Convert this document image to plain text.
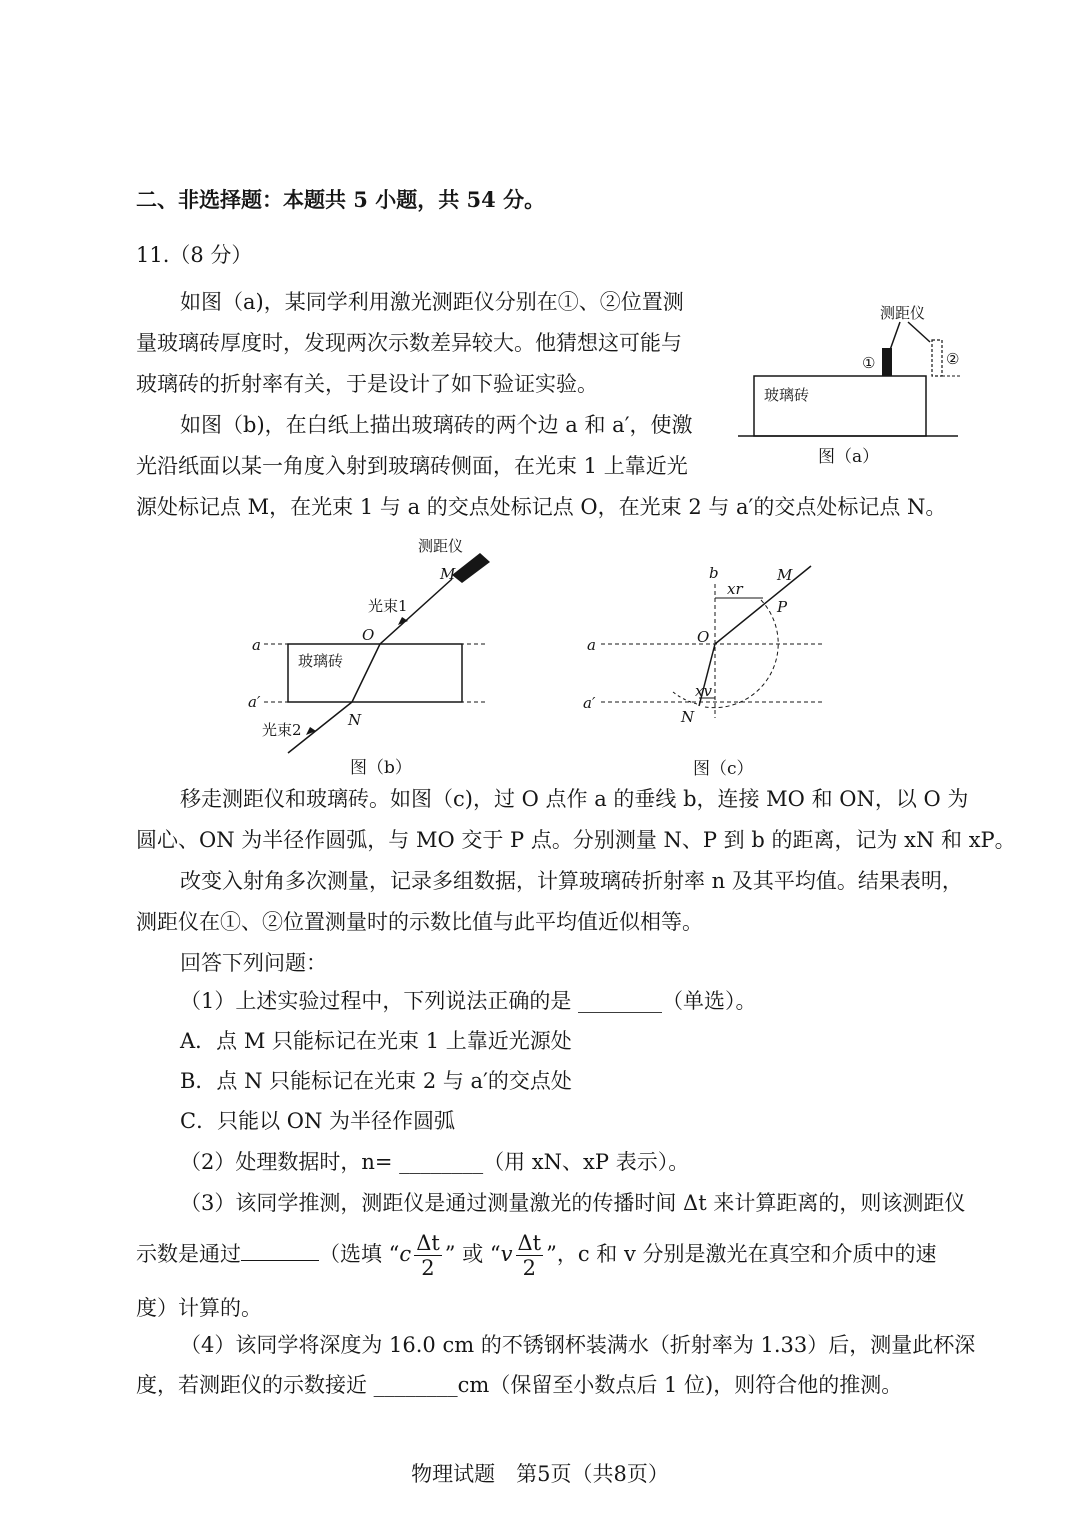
二、非选择题：本题共 5 小题，共 54 分。
11.（8 分）
如图（a)，某同学利用激光测距仪分别在①、②位置测
量玻璃砖厚度时，发现两次示数差异较大。他猜想这可能与
玻璃砖的折射率有关，于是设计了如下验证实验。
如图（b)，在白纸上描出玻璃砖的两个边 a 和 a′，使激
光沿纸面以某一角度入射到玻璃砖侧面，在光束 1 上靠近光
源处标记点 M，在光束 1 与 a 的交点处标记点 O，在光束 2 与 a′的交点处标记点 N。
测距仪
①	②
玻璃砖
图（a）
测距仪
M
光束1
O
a
玻璃砖
a′
光束2
N
图（b）
b	M
xr
P
O
a
a′
xv
N
图（c）
移走测距仪和玻璃砖。如图（c)，过 O 点作 a 的垂线 b，连接 MO 和 ON，以 O 为
圆心、ON 为半径作圆弧，与 MO 交于 P 点。分别测量 N、P 到 b 的距离，记为 xN 和 xP。
改变入射角多次测量，记录多组数据，计算玻璃砖折射率 n 及其平均值。结果表明，
测距仪在①、②位置测量时的示数比值与此平均值近似相等。
回答下列问题：
（1）上述实验过程中，下列说法正确的是 ________（单选）。
A．点 M 只能标记在光束 1 上靠近光源处
B．点 N 只能标记在光束 2 与 a′的交点处
C．只能以 ON 为半径作圆弧
（2）处理数据时，n= ________（用 xN、xP 表示）。
（3）该同学推测，测距仪是通过测量激光的传播时间 Δt 来计算距离的，则该测距仪
示数是通过	（选填 “$c \frac{\Delta t}{2}$ ” 或 “$v \frac{\Delta t}{2}$ ”，c 和 v 分别是激光在真空和介质中的速
度）计算的。
（4）该同学将深度为 16.0 cm 的不锈钢杯装满水（折射率为 1.33）后，测量此杯深
度，若测距仪的示数接近 ________cm（保留至小数点后 1 位)，则符合他的推测。
物理试题　第5页（共8页）
